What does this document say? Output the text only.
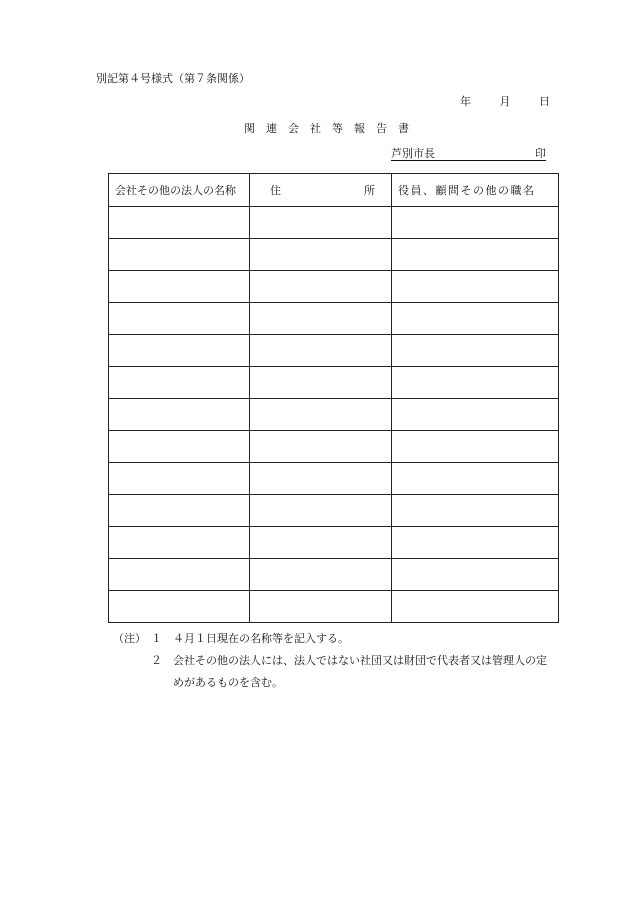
別記第４号様式（第７条関係）
年	月	日
関連会社等報告書
芦別市長	印
会社その他の法人の名称	住 所	役員、顧問その他の職名

（注） １	４月１日現在の名称等を記入する。
２	会社その他の法人には、法人ではない社団又は財団で代表者又は管理人の定
めがあるものを含む。
